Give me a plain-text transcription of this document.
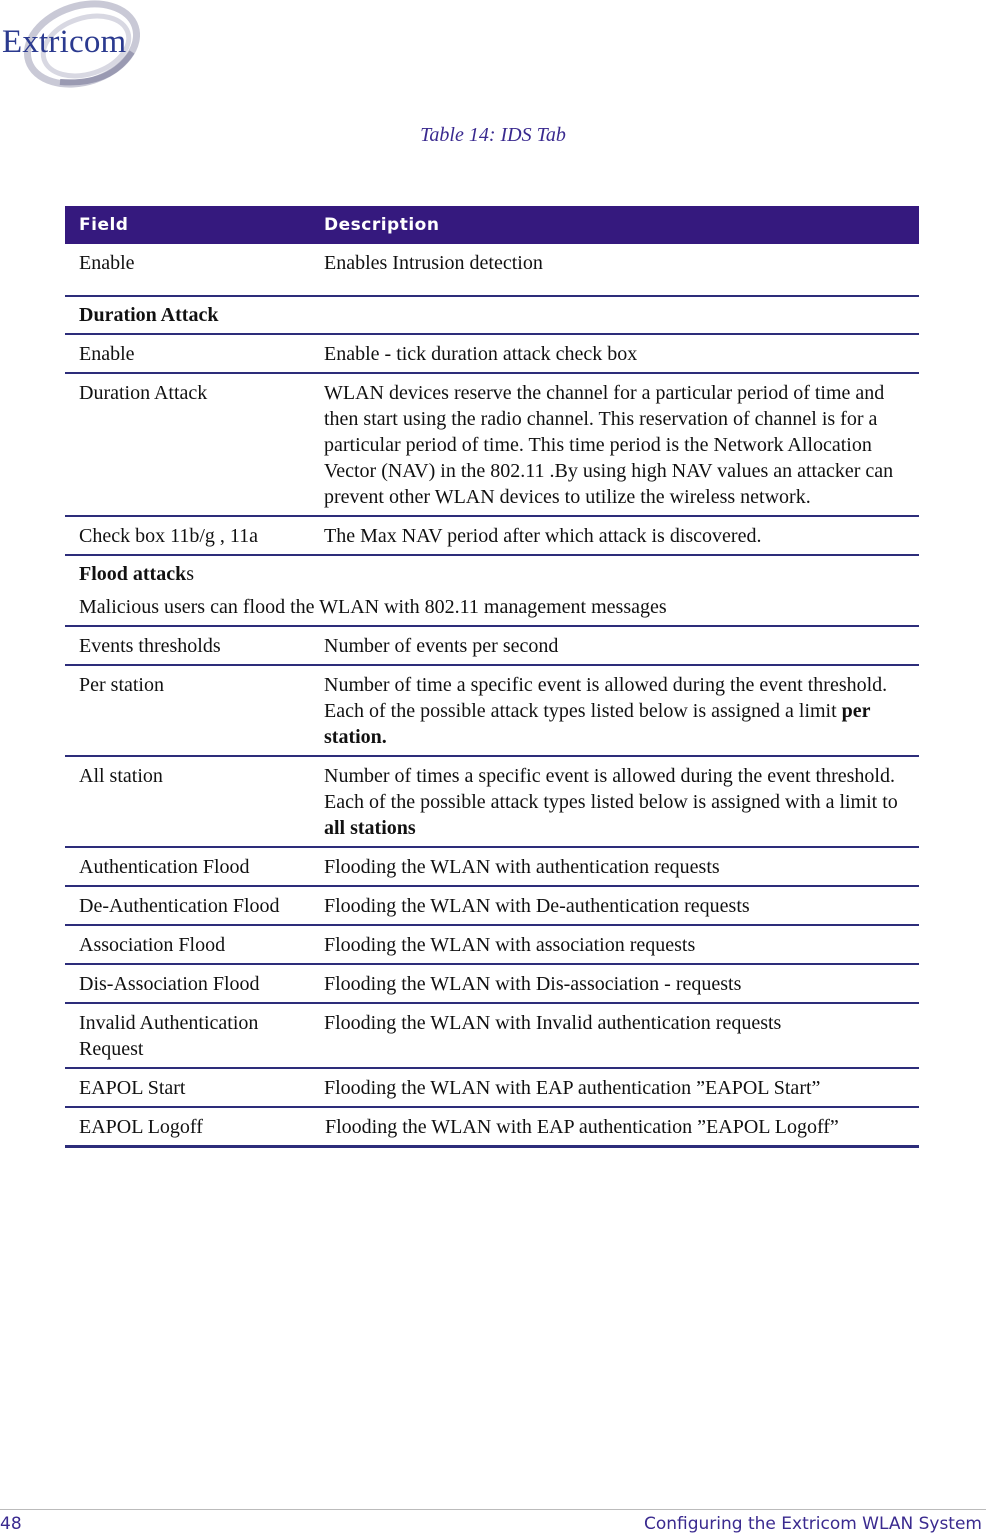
Extricom
Table 14: IDS Tab
Field	Description
Enable	Enables Intrusion detection
Duration Attack	
Enable	Enable - tick duration attack check box
Duration Attack	WLAN devices reserve the channel for a particular period of time and then start using the radio channel. This reservation of channel is for a particular period of time. This time period is the Network Allocation Vector (NAV) in the 802.11 .By using high NAV values an attacker can prevent other WLAN devices to utilize the wireless network.
Check box 11b/g , 11a	The Max NAV period after which attack is discovered.
Flood attacks
Malicious users can flood the WLAN with 802.11 management messages	

Events thresholds	Number of events per second
Per station	Number of time a specific event is allowed during the event threshold. Each of the possible attack types listed below is assigned a limit per station.
All station	Number of times a specific event is allowed during the event threshold. Each of the possible attack types listed below is assigned with a limit to all stations
Authentication Flood	Flooding the WLAN with authentication requests
De-Authentication Flood	Flooding the WLAN with De-authentication requests
Association Flood	Flooding the WLAN with association requests
Dis-Association Flood	Flooding the WLAN with Dis-association - requests
Invalid Authentication Request	Flooding the WLAN with Invalid authentication requests
EAPOL Start	Flooding the WLAN with EAP authentication ”EAPOL Start”
EAPOL Logoff	Flooding the WLAN with EAP authentication ”EAPOL Logoff”
48	Configuring the Extricom WLAN System
